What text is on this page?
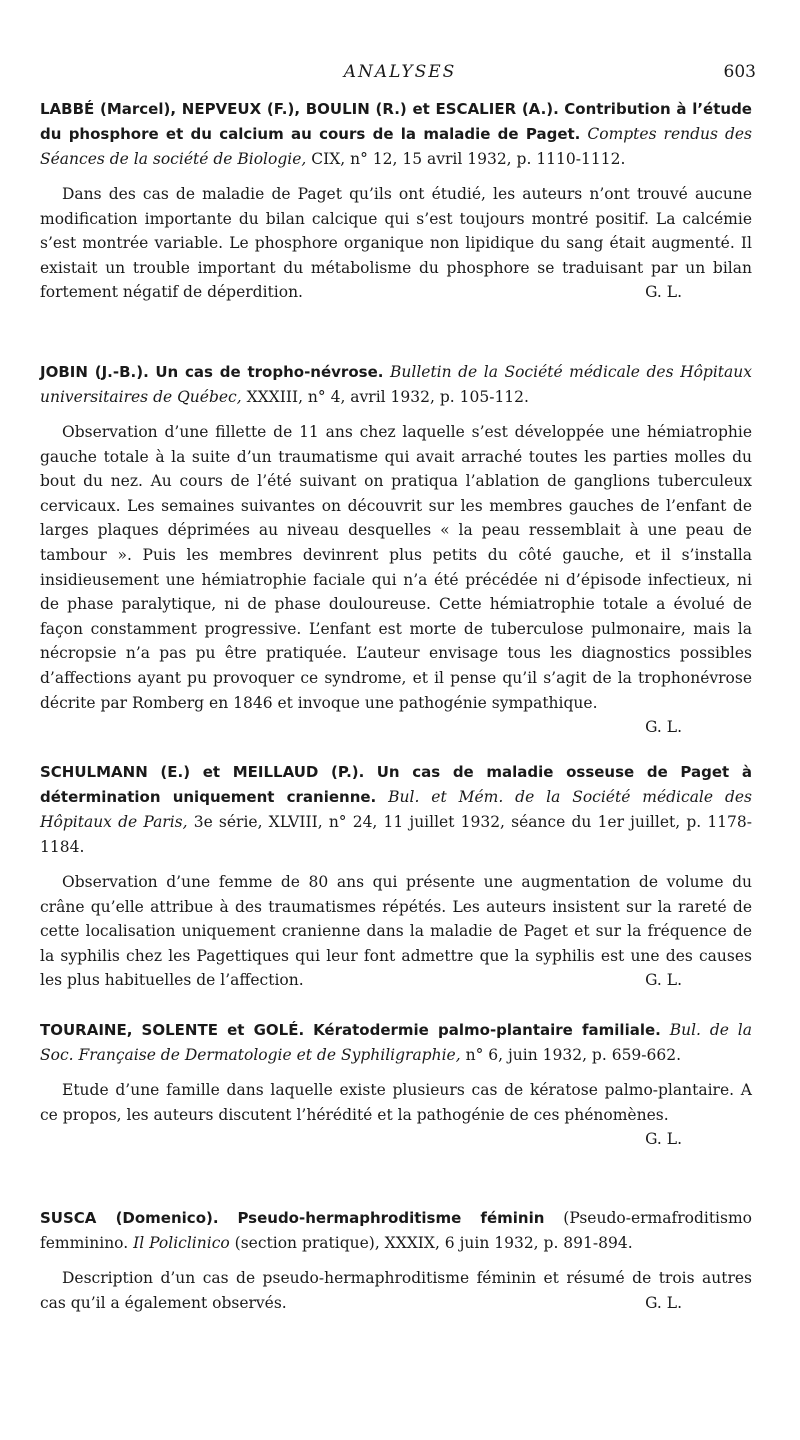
ANALYSES	603

LABBÉ (Marcel), NEPVEUX (F.), BOULIN (R.) et ESCALIER (A.). Contribution à l’étude du phosphore et du calcium au cours de la maladie de Paget. Comptes rendus des Séances de la société de Biologie, CIX, n° 12, 15 avril 1932, p. 1110-1112.

Dans des cas de maladie de Paget qu’ils ont étudié, les auteurs n’ont trouvé aucune modification importante du bilan calcique qui s’est toujours montré positif. La calcémie s’est montrée variable. Le phosphore organique non lipidique du sang était augmenté. Il existait un trouble important du métabolisme du phosphore se traduisant par un bilan fortement négatif de déperdition.	G. L.

JOBIN (J.-B.). Un cas de tropho-névrose. Bulletin de la Société médicale des Hôpitaux universitaires de Québec, XXXIII, n° 4, avril 1932, p. 105-112.

Observation d’une fillette de 11 ans chez laquelle s’est développée une hémiatrophie gauche totale à la suite d’un traumatisme qui avait arraché toutes les parties molles du bout du nez. Au cours de l’été suivant on pratiqua l’ablation de ganglions tuberculeux cervicaux. Les semaines suivantes on découvrit sur les membres gauches de l’enfant de larges plaques déprimées au niveau desquelles « la peau ressemblait à une peau de tambour ». Puis les membres devinrent plus petits du côté gauche, et il s’installa insidieusement une hémiatrophie faciale qui n’a été précédée ni d’épisode infectieux, ni de phase paralytique, ni de phase douloureuse. Cette hémiatrophie totale a évolué de façon constamment progressive. L’enfant est morte de tuberculose pulmonaire, mais la nécropsie n’a pas pu être pratiquée. L’auteur envisage tous les diagnostics possibles d’affections ayant pu provoquer ce syndrome, et il pense qu’il s’agit de la trophonévrose décrite par Romberg en 1846 et invoque une pathogénie sympathique.

G. L.

SCHULMANN (E.) et MEILLAUD (P.). Un cas de maladie osseuse de Paget à détermination uniquement cranienne. Bul. et Mém. de la Société médicale des Hôpitaux de Paris, 3e série, XLVIII, n° 24, 11 juillet 1932, séance du 1er juillet, p. 1178-1184.

Observation d’une femme de 80 ans qui présente une augmentation de volume du crâne qu’elle attribue à des traumatismes répétés. Les auteurs insistent sur la rareté de cette localisation uniquement cranienne dans la maladie de Paget et sur la fréquence de la syphilis chez les Pagettiques qui leur font admettre que la syphilis est une des causes les plus habituelles de l’affection.	G. L.

TOURAINE, SOLENTE et GOLÉ. Kératodermie palmo-plantaire familiale. Bul. de la Soc. Française de Dermatologie et de Syphiligraphie, n° 6, juin 1932, p. 659-662.

Etude d’une famille dans laquelle existe plusieurs cas de kératose palmo-plantaire. A ce propos, les auteurs discutent l’hérédité et la pathogénie de ces phénomènes.

G. L.

SUSCA (Domenico). Pseudo-hermaphroditisme féminin (Pseudo-ermafroditismo femminino. Il Policlinico (section pratique), XXXIX, 6 juin 1932, p. 891-894.

Description d’un cas de pseudo-hermaphroditisme féminin et résumé de trois autres cas qu’il a également observés.	G. L.
